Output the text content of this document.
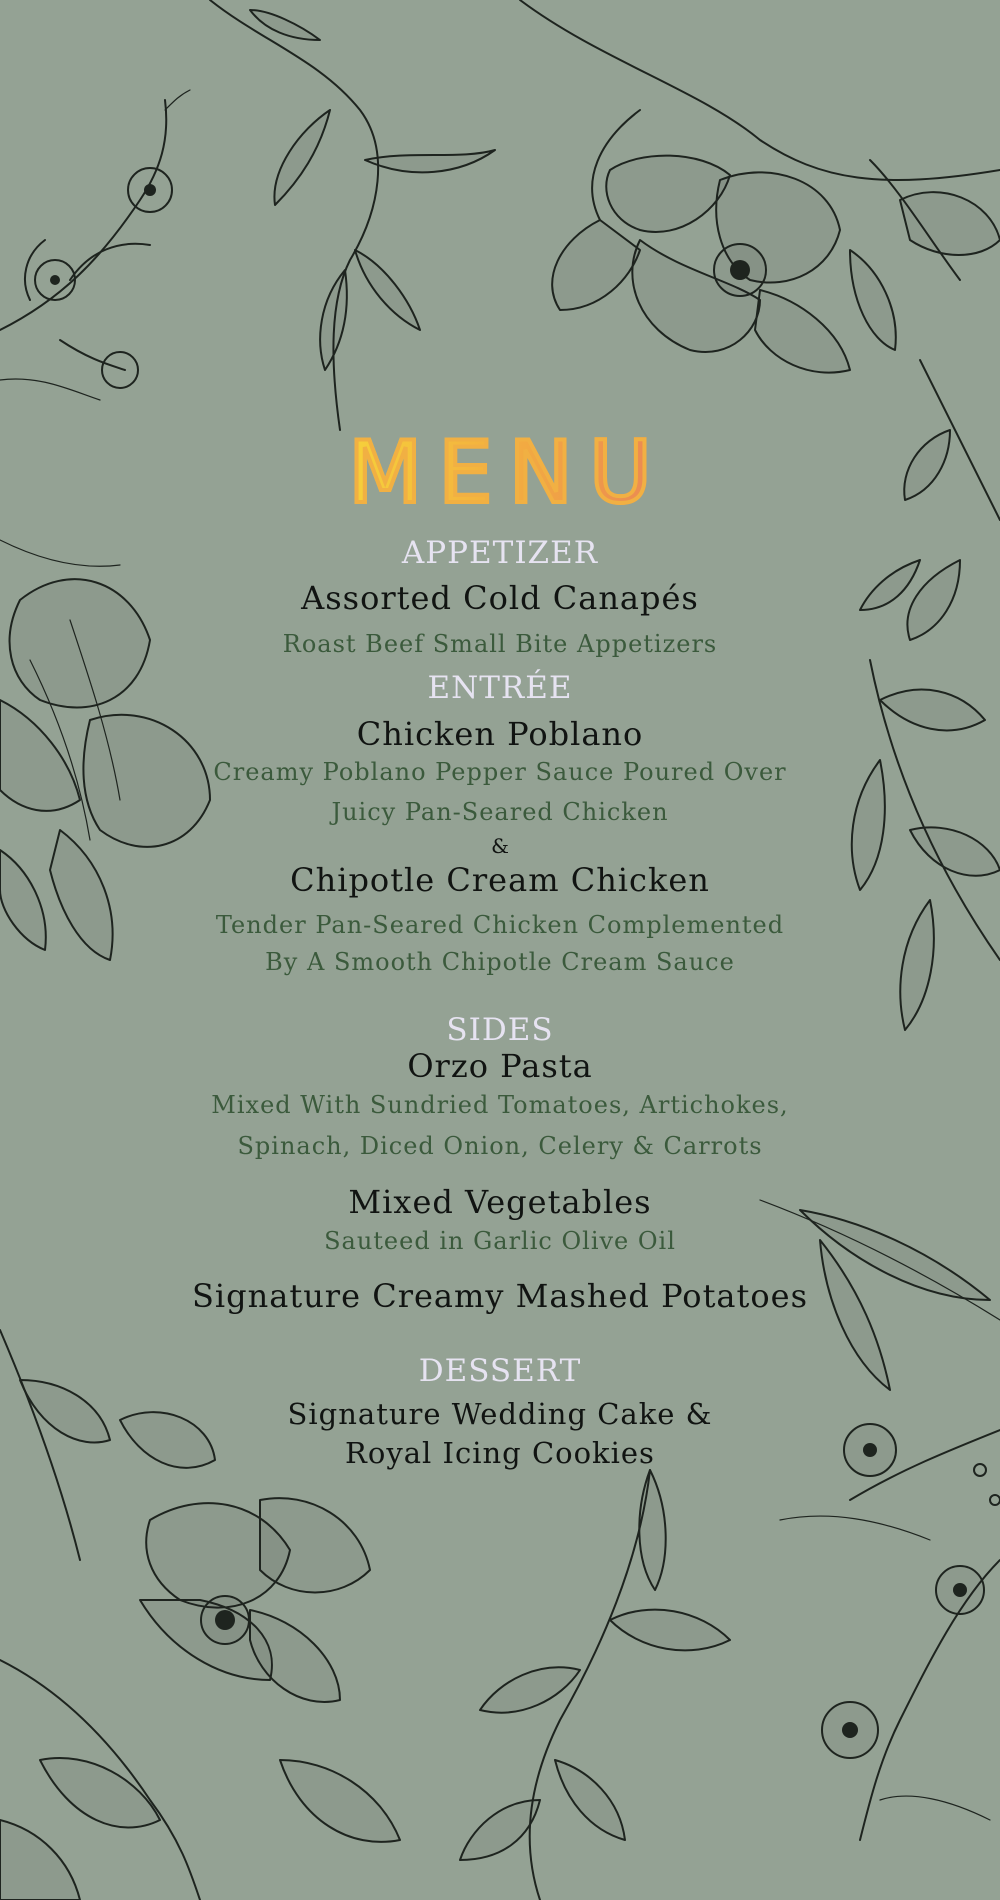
MENU

APPETIZER

Assorted Cold Canapés

Roast Beef Small Bite Appetizers

ENTRÉE

Chicken Poblano

Creamy Poblano Pepper Sauce Poured Over

Juicy Pan-Seared Chicken

&

Chipotle Cream Chicken

Tender Pan-Seared Chicken Complemented

By A Smooth Chipotle Cream Sauce

SIDES

Orzo Pasta

Mixed With Sundried Tomatoes, Artichokes,

Spinach, Diced Onion, Celery & Carrots

Mixed Vegetables

Sauteed in Garlic Olive Oil

Signature Creamy Mashed Potatoes

DESSERT

Signature Wedding Cake &

Royal Icing Cookies
